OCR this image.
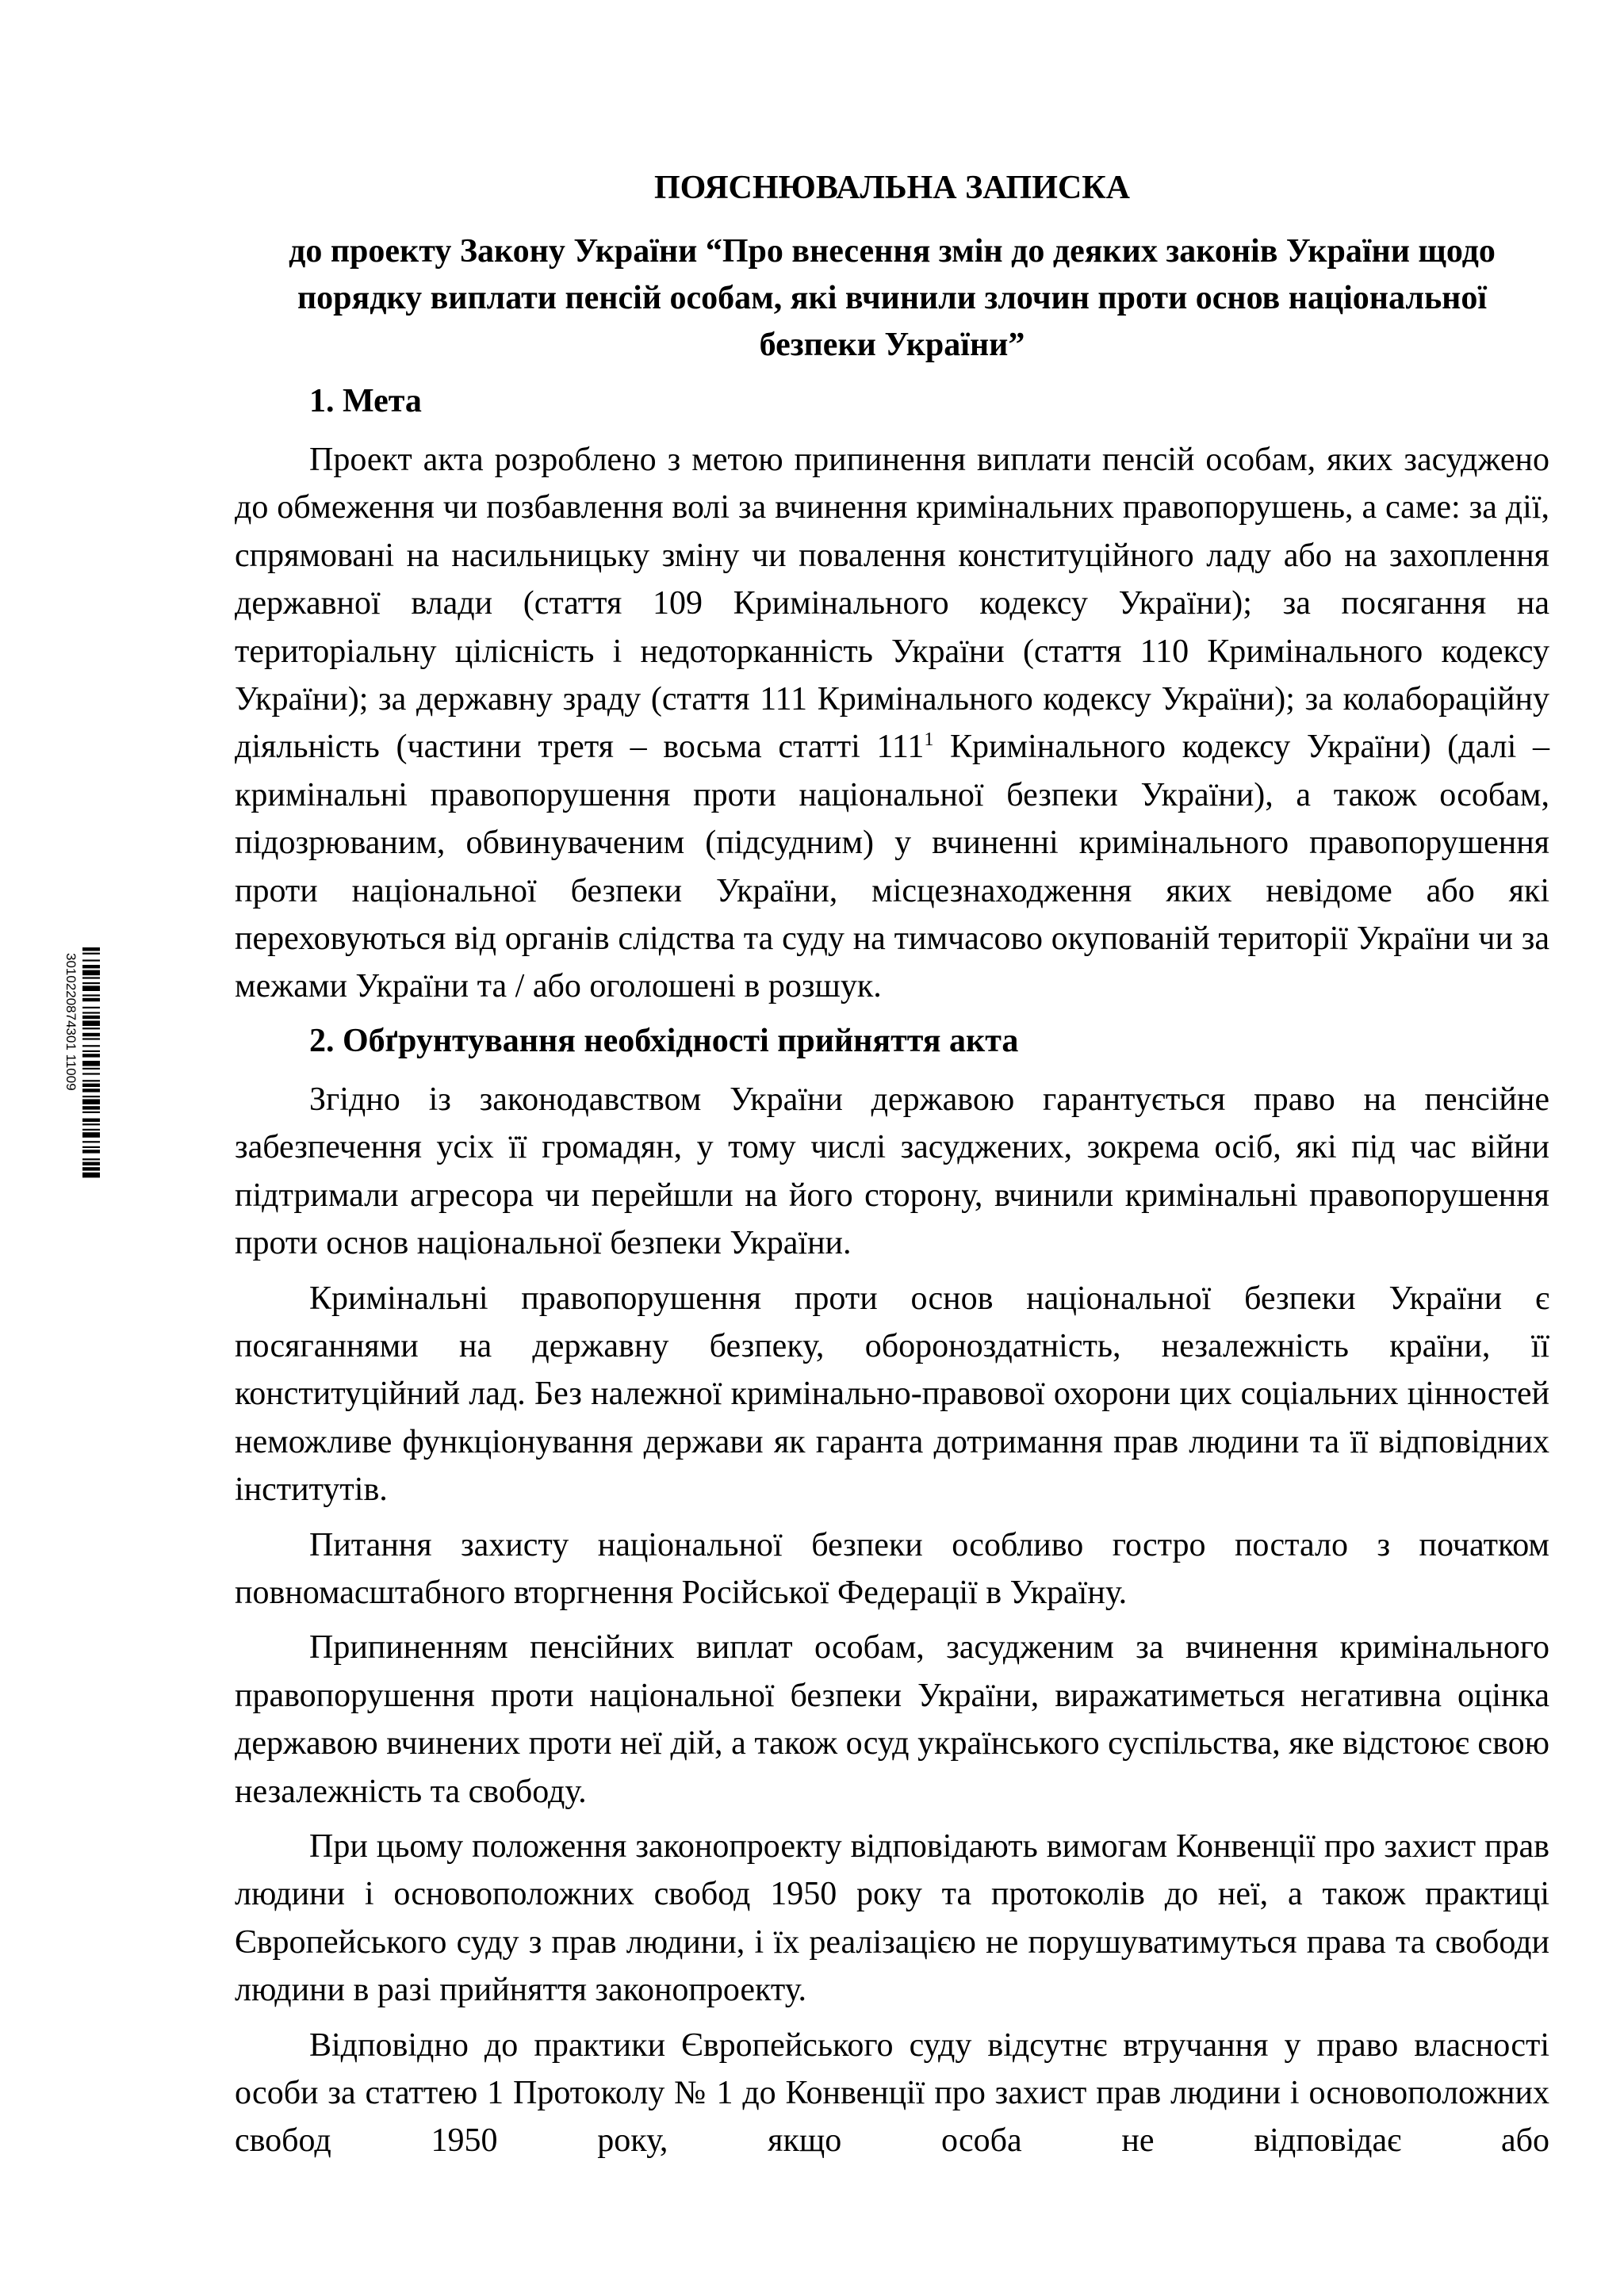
3010220874301 11009
ПОЯСНЮВАЛЬНА ЗАПИСКА
до проекту Закону України “Про внесення змін до деяких законів України щодо порядку виплати пенсій особам, які вчинили злочин проти основ національної безпеки України”
1. Мета

Проект акта розроблено з метою припинення виплати пенсій особам, яких засуджено до обмеження чи позбавлення волі за вчинення кримінальних правопорушень, а саме: за дії, спрямовані на насильницьку зміну чи повалення конституційного ладу або на захоплення державної влади (стаття 109 Кримінального кодексу України); за посягання на територіальну цілісність і недоторканність України (стаття 110 Кримінального кодексу України); за державну зраду (стаття 111 Кримінального кодексу України); за колабораційну діяльність (частини третя – восьма статті $111^1$ Кримінального кодексу України) (далі – кримінальні правопорушення проти національної безпеки України), а також особам, підозрюваним, обвинуваченим (підсудним) у вчиненні кримінального правопорушення проти національної безпеки України, місцезнаходження яких невідоме або які переховуються від органів слідства та суду на тимчасово окупованій території України чи за межами України та / або оголошені в розшук.

2. Обґрунтування необхідності прийняття акта

Згідно із законодавством України державою гарантується право на пенсійне забезпечення усіх її громадян, у тому числі засуджених, зокрема осіб, які під час війни підтримали агресора чи перейшли на його сторону, вчинили кримінальні правопорушення проти основ національної безпеки України.

Кримінальні правопорушення проти основ національної безпеки України є посяганнями на державну безпеку, обороноздатність, незалежність країни, її конституційний лад. Без належної кримінально-правової охорони цих соціальних цінностей неможливе функціонування держави як гаранта дотримання прав людини та її відповідних інститутів.

Питання захисту національної безпеки особливо гостро постало з початком повномасштабного вторгнення Російської Федерації в Україну.

Припиненням пенсійних виплат особам, засудженим за вчинення кримінального правопорушення проти національної безпеки України, виражатиметься негативна оцінка державою вчинених проти неї дій, а також осуд українського суспільства, яке відстоює свою незалежність та свободу.

При цьому положення законопроекту відповідають вимогам Конвенції про захист прав людини і основоположних свобод 1950 року та протоколів до неї, а також практиці Європейського суду з прав людини, і їх реалізацією не порушуватимуться права та свободи людини в разі прийняття законопроекту.

Відповідно до практики Європейського суду відсутнє втручання у право власності особи за статтею 1 Протоколу № 1 до Конвенції про захист прав людини і основоположних свобод 1950 року, якщо особа не відповідає або
